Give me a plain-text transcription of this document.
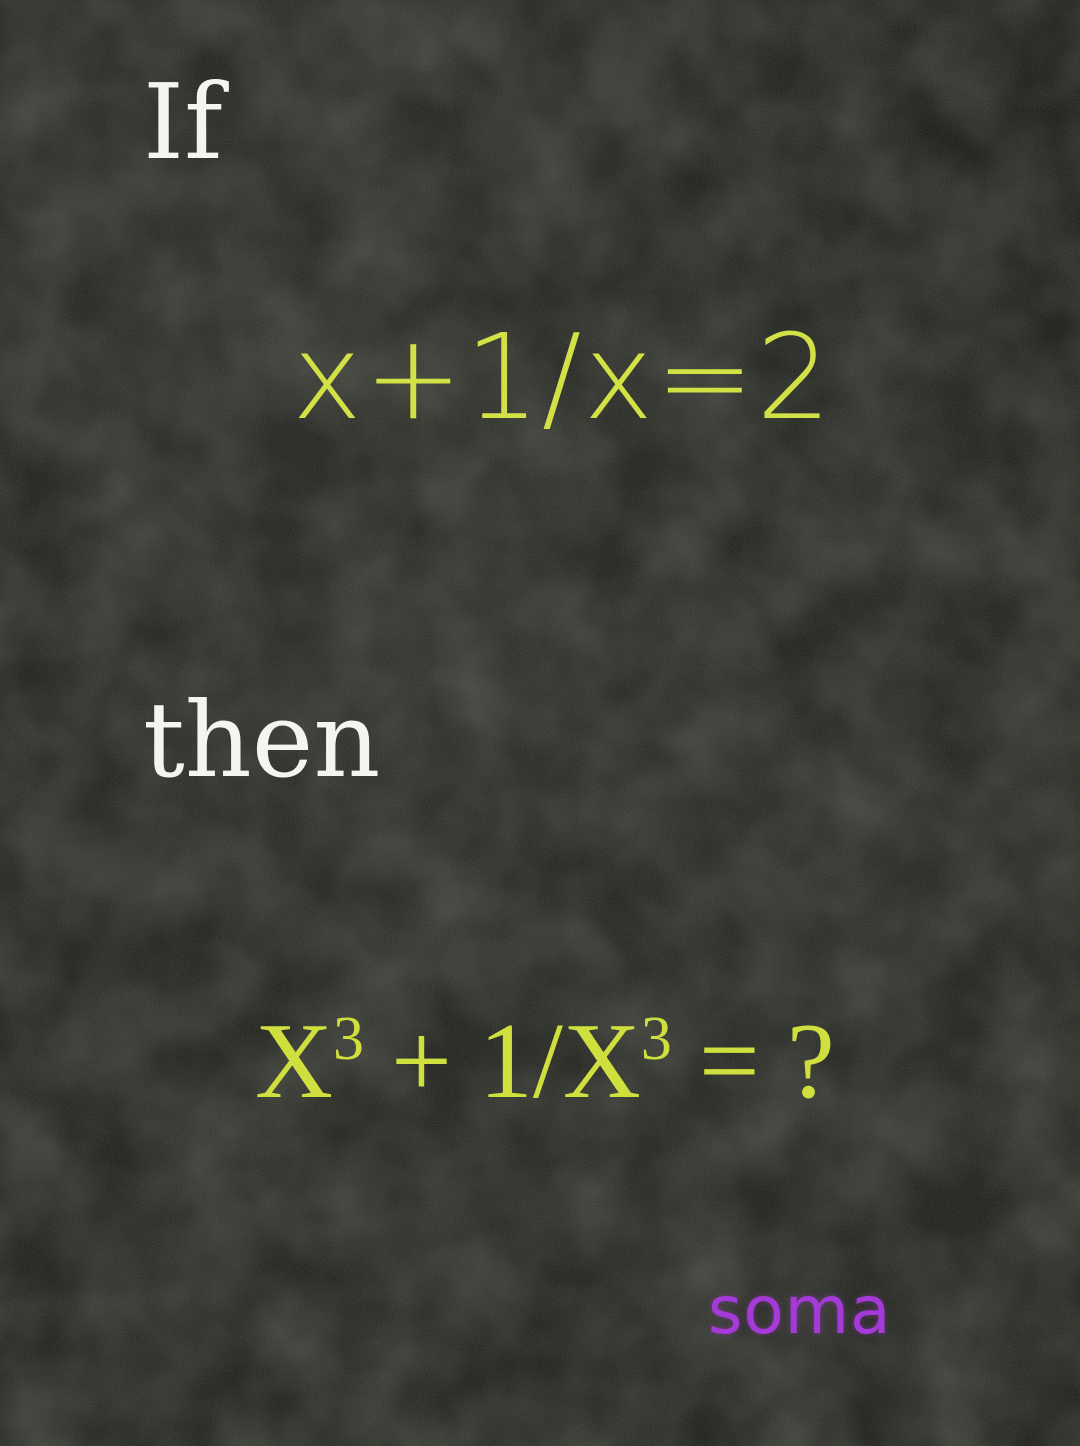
If
x+1/x=2
then
$X^3 + 1/X^3$ = ?
soma
